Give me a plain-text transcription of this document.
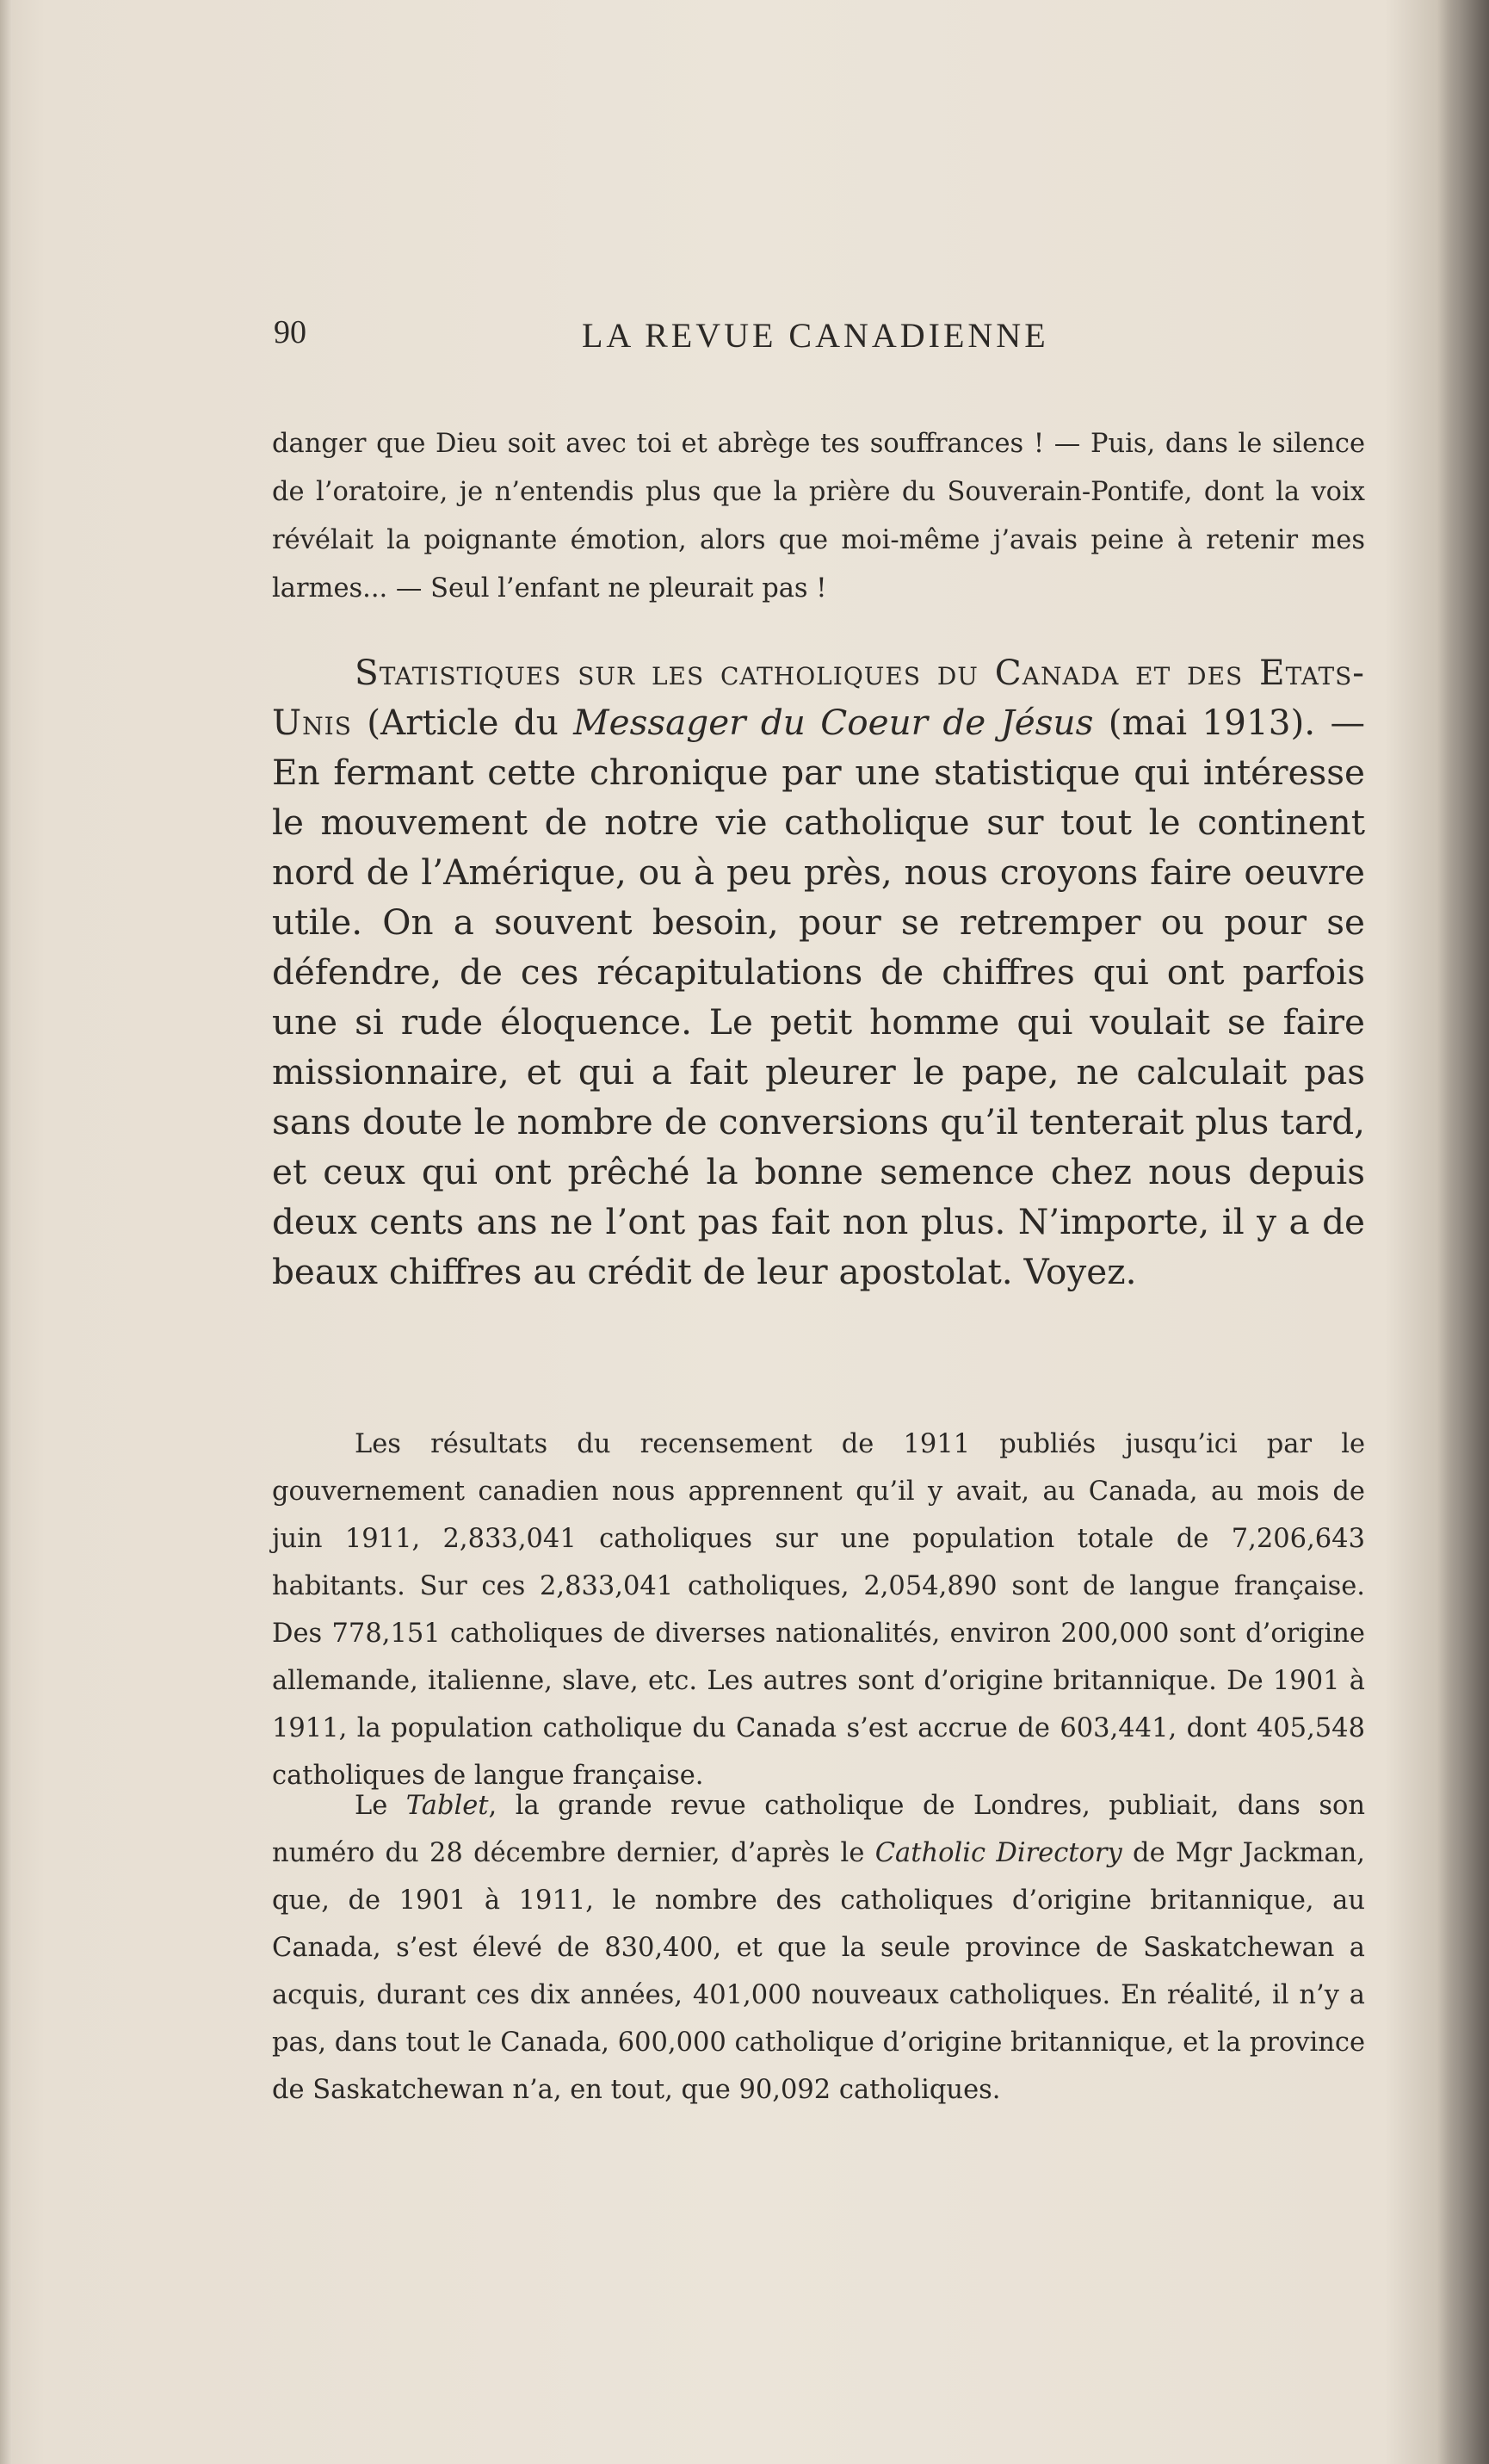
90	LA REVUE CANADIENNE

danger que Dieu soit avec toi et abrège tes souffrances ! — Puis, dans le silence de l’oratoire, je n’entendis plus que la prière du Souverain-Pontife, dont la voix révélait la poignante émotion, alors que moi-même j’avais peine à retenir mes larmes... — Seul l’enfant ne pleurait pas !

Statistiques sur les catholiques du Canada et des Etats-Unis (Article du Messager du Coeur de Jésus (mai 1913). — En fermant cette chronique par une statistique qui intéresse le mouvement de notre vie catholique sur tout le continent nord de l’Amérique, ou à peu près, nous croyons faire oeuvre utile. On a souvent besoin, pour se retremper ou pour se défendre, de ces récapitulations de chiffres qui ont parfois une si rude éloquence. Le petit homme qui voulait se faire missionnaire, et qui a fait pleurer le pape, ne calculait pas sans doute le nombre de conversions qu’il tenterait plus tard, et ceux qui ont prêché la bonne semence chez nous depuis deux cents ans ne l’ont pas fait non plus. N’importe, il y a de beaux chiffres au crédit de leur apostolat. Voyez.

Les résultats du recensement de 1911 publiés jusqu’ici par le gouvernement canadien nous apprennent qu’il y avait, au Canada, au mois de juin 1911, 2,833,041 catholiques sur une population totale de 7,206,643 habitants. Sur ces 2,833,041 catholiques, 2,054,890 sont de langue française. Des 778,151 catholiques de diverses nationalités, environ 200,000 sont d’origine allemande, italienne, slave, etc. Les autres sont d’origine britannique. De 1901 à 1911, la population catholique du Canada s’est accrue de 603,441, dont 405,548 catholiques de langue française.

Le Tablet, la grande revue catholique de Londres, publiait, dans son numéro du 28 décembre dernier, d’après le Catholic Directory de Mgr Jackman, que, de 1901 à 1911, le nombre des catholiques d’origine britannique, au Canada, s’est élevé de 830,400, et que la seule province de Saskatchewan a acquis, durant ces dix années, 401,000 nouveaux catholiques. En réalité, il n’y a pas, dans tout le Canada, 600,000 catholique d’origine britannique, et la province de Saskatchewan n’a, en tout, que 90,092 catholiques.
